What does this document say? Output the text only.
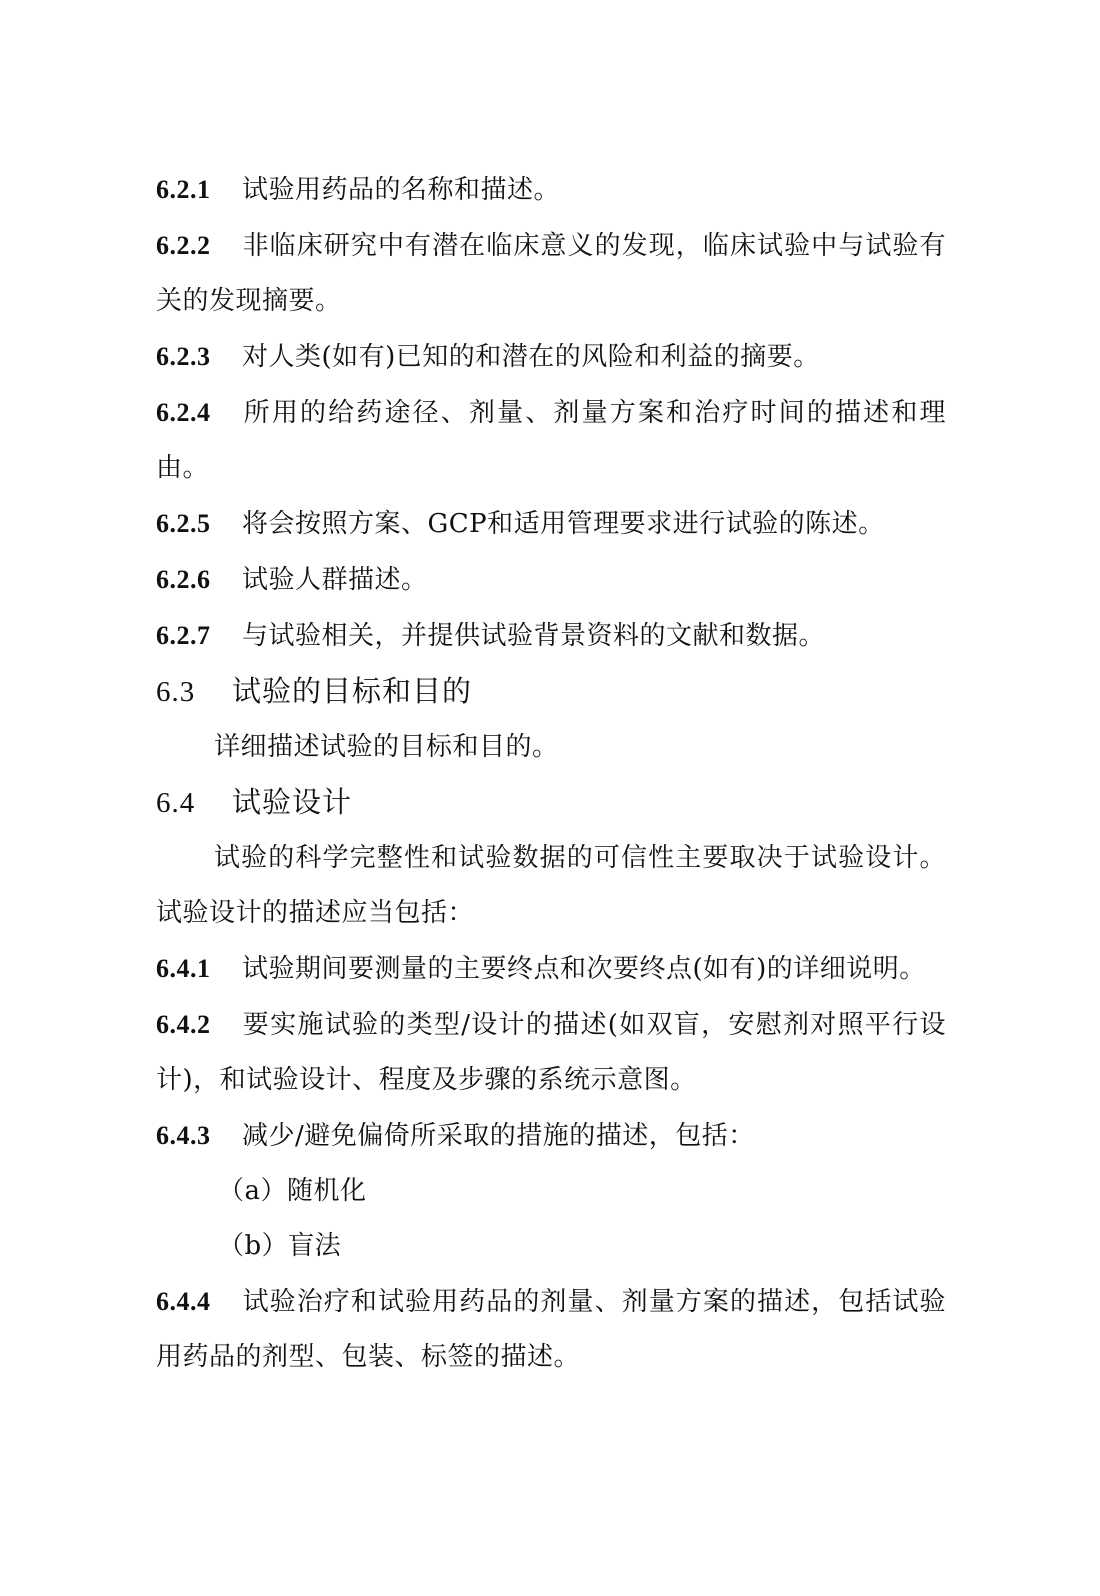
6.2.1 试验用药品的名称和描述。

6.2.2 非临床研究中有潜在临床意义的发现，临床试验中与试验有关的发现摘要。

6.2.3 对人类(如有)已知的和潜在的风险和利益的摘要。

6.2.4 所用的给药途径、剂量、剂量方案和治疗时间的描述和理由。

6.2.5 将会按照方案、GCP和适用管理要求进行试验的陈述。

6.2.6 试验人群描述。

6.2.7 与试验相关，并提供试验背景资料的文献和数据。

6.3 试验的目标和目的

详细描述试验的目标和目的。

6.4 试验设计

试验的科学完整性和试验数据的可信性主要取决于试验设计。试验设计的描述应当包括：

6.4.1 试验期间要测量的主要终点和次要终点(如有)的详细说明。

6.4.2 要实施试验的类型/设计的描述(如双盲，安慰剂对照平行设计)，和试验设计、程度及步骤的系统示意图。

6.4.3 减少/避免偏倚所采取的措施的描述，包括：

（a）随机化

（b）盲法

6.4.4 试验治疗和试验用药品的剂量、剂量方案的描述，包括试验用药品的剂型、包装、标签的描述。
